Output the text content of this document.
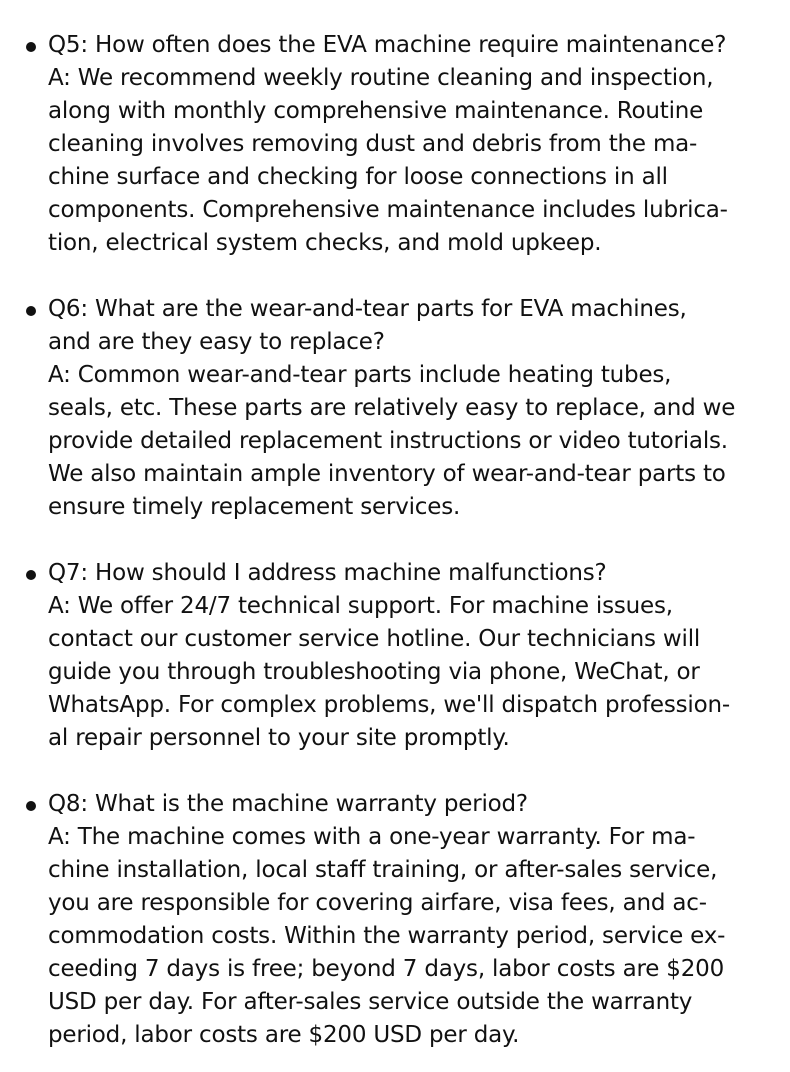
Q5: How often does the EVA machine require maintenance?
A: We recommend weekly routine cleaning and inspection,
along with monthly comprehensive maintenance. Routine
cleaning involves removing dust and debris from the ma-
chine surface and checking for loose connections in all
components. Comprehensive maintenance includes lubrica-
tion, electrical system checks, and mold upkeep.
Q6: What are the wear-and-tear parts for EVA machines,
and are they easy to replace?
A: Common wear-and-tear parts include heating tubes,
seals, etc. These parts are relatively easy to replace, and we
provide detailed replacement instructions or video tutorials.
We also maintain ample inventory of wear-and-tear parts to
ensure timely replacement services.
Q7: How should I address machine malfunctions?
A: We offer 24/7 technical support. For machine issues,
contact our customer service hotline. Our technicians will
guide you through troubleshooting via phone, WeChat, or
WhatsApp. For complex problems, we'll dispatch profession-
al repair personnel to your site promptly.
Q8: What is the machine warranty period?
A: The machine comes with a one-year warranty. For ma-
chine installation, local staff training, or after-sales service,
you are responsible for covering airfare, visa fees, and ac-
commodation costs. Within the warranty period, service ex-
ceeding 7 days is free; beyond 7 days, labor costs are $200
USD per day. For after-sales service outside the warranty
period, labor costs are $200 USD per day.
